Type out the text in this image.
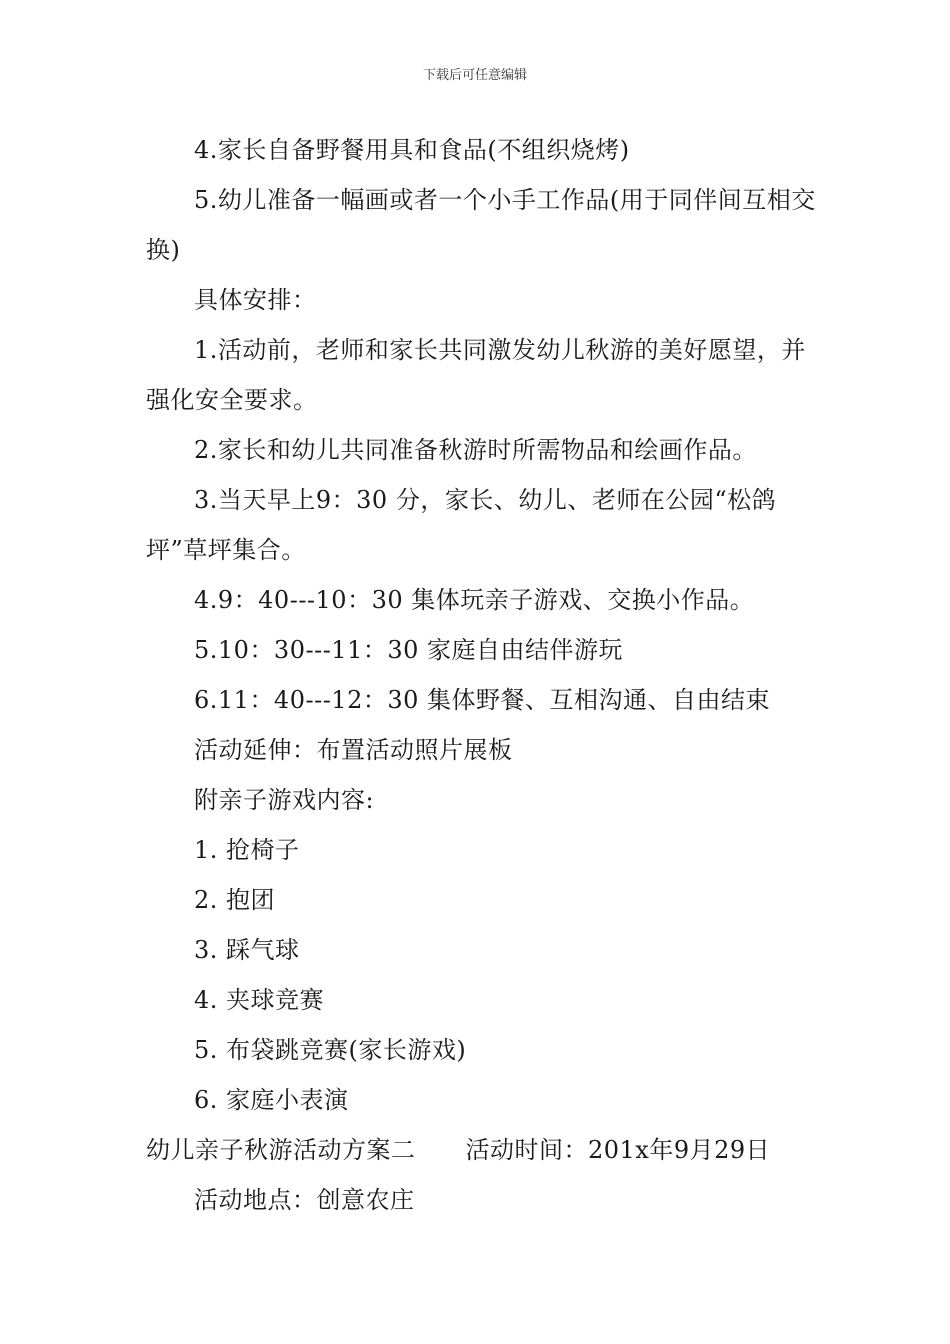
下载后可任意编辑

4.家长自备野餐用具和食品(不组织烧烤)

5.幼儿准备一幅画或者一个小手工作品(用于同伴间互相交换)

具体安排：

1.活动前，老师和家长共同激发幼儿秋游的美好愿望，并强化安全要求。

2.家长和幼儿共同准备秋游时所需物品和绘画作品。

3.当天早上9：30 分，家长、幼儿、老师在公园“松鸽坪”草坪集合。

4.9：40---10：30 集体玩亲子游戏、交换小作品。

5.10：30---11：30 家庭自由结伴游玩

6.11：40---12：30 集体野餐、互相沟通、自由结束

活动延伸：布置活动照片展板

附亲子游戏内容:

1. 抢椅子

2. 抱团

3. 踩气球

4. 夹球竞赛

5. 布袋跳竞赛(家长游戏)

6. 家庭小表演

幼儿亲子秋游活动方案二 活动时间：201x年9月29日

活动地点：创意农庄
